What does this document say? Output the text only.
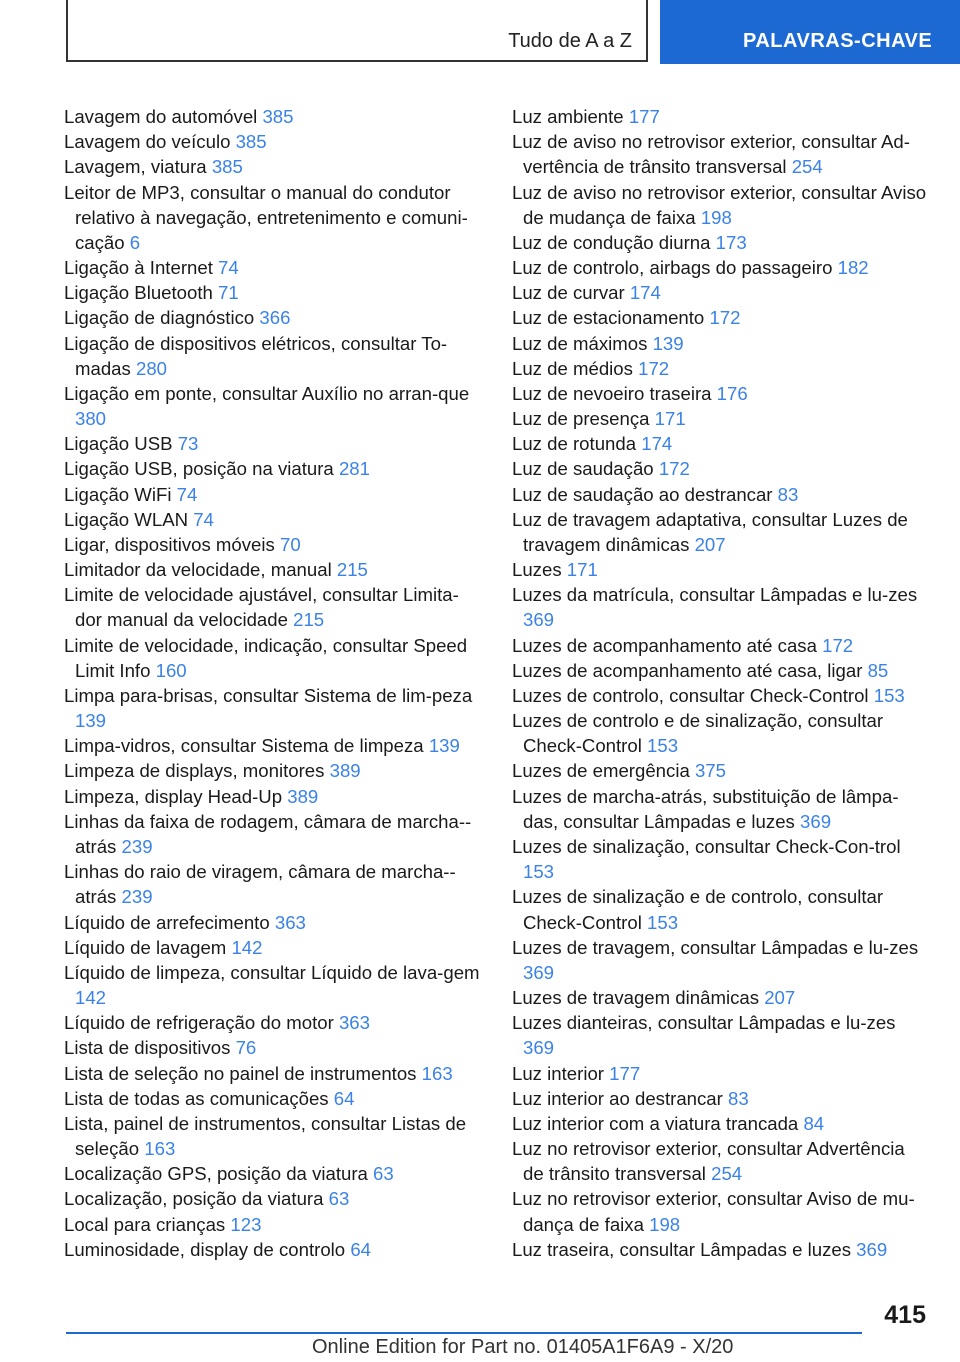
Tudo de A a Z	PALAVRAS-CHAVE

Lavagem do automóvel 385

Lavagem do veículo 385

Lavagem, viatura 385

Leitor de MP3, consultar o manual do condutor relativo à navegação, entretenimento e comuni‐cação 6

Ligação à Internet 74

Ligação Bluetooth 71

Ligação de diagnóstico 366

Ligação de dispositivos elétricos, consultar To‐madas 280

Ligação em ponte, consultar Auxílio no arran‐que 380

Ligação USB 73

Ligação USB, posição na viatura 281

Ligação WiFi 74

Ligação WLAN 74

Ligar, dispositivos móveis 70

Limitador da velocidade, manual 215

Limite de velocidade ajustável, consultar Limita‐dor manual da velocidade 215

Limite de velocidade, indicação, consultar Speed Limit Info 160

Limpa para-brisas, consultar Sistema de lim‐peza 139

Limpa-vidros, consultar Sistema de limpeza 139

Limpeza de displays, monitores 389

Limpeza, display Head-Up 389

Linhas da faixa de rodagem, câmara de marcha--atrás 239

Linhas do raio de viragem, câmara de marcha--atrás 239

Líquido de arrefecimento 363

Líquido de lavagem 142

Líquido de limpeza, consultar Líquido de lava‐gem 142

Líquido de refrigeração do motor 363

Lista de dispositivos 76

Lista de seleção no painel de instrumentos 163

Lista de todas as comunicações 64

Lista, painel de instrumentos, consultar Listas de seleção 163

Localização GPS, posição da viatura 63

Localização, posição da viatura 63

Local para crianças 123

Luminosidade, display de controlo 64

Luz ambiente 177

Luz de aviso no retrovisor exterior, consultar Ad‐vertência de trânsito transversal 254

Luz de aviso no retrovisor exterior, consultar Aviso de mudança de faixa 198

Luz de condução diurna 173

Luz de controlo, airbags do passageiro 182

Luz de curvar 174

Luz de estacionamento 172

Luz de máximos 139

Luz de médios 172

Luz de nevoeiro traseira 176

Luz de presença 171

Luz de rotunda 174

Luz de saudação 172

Luz de saudação ao destrancar 83

Luz de travagem adaptativa, consultar Luzes de travagem dinâmicas 207

Luzes 171

Luzes da matrícula, consultar Lâmpadas e lu‐zes 369

Luzes de acompanhamento até casa 172

Luzes de acompanhamento até casa, ligar 85

Luzes de controlo, consultar Check-Control 153

Luzes de controlo e de sinalização, consultar Check-Control 153

Luzes de emergência 375

Luzes de marcha-atrás, substituição de lâmpa‐das, consultar Lâmpadas e luzes 369

Luzes de sinalização, consultar Check-Con‐trol 153

Luzes de sinalização e de controlo, consultar Check-Control 153

Luzes de travagem, consultar Lâmpadas e lu‐zes 369

Luzes de travagem dinâmicas 207

Luzes dianteiras, consultar Lâmpadas e lu‐zes 369

Luz interior 177

Luz interior ao destrancar 83

Luz interior com a viatura trancada 84

Luz no retrovisor exterior, consultar Advertência de trânsito transversal 254

Luz no retrovisor exterior, consultar Aviso de mu‐dança de faixa 198

Luz traseira, consultar Lâmpadas e luzes 369

415
Online Edition for Part no. 01405A1F6A9 - X/20
